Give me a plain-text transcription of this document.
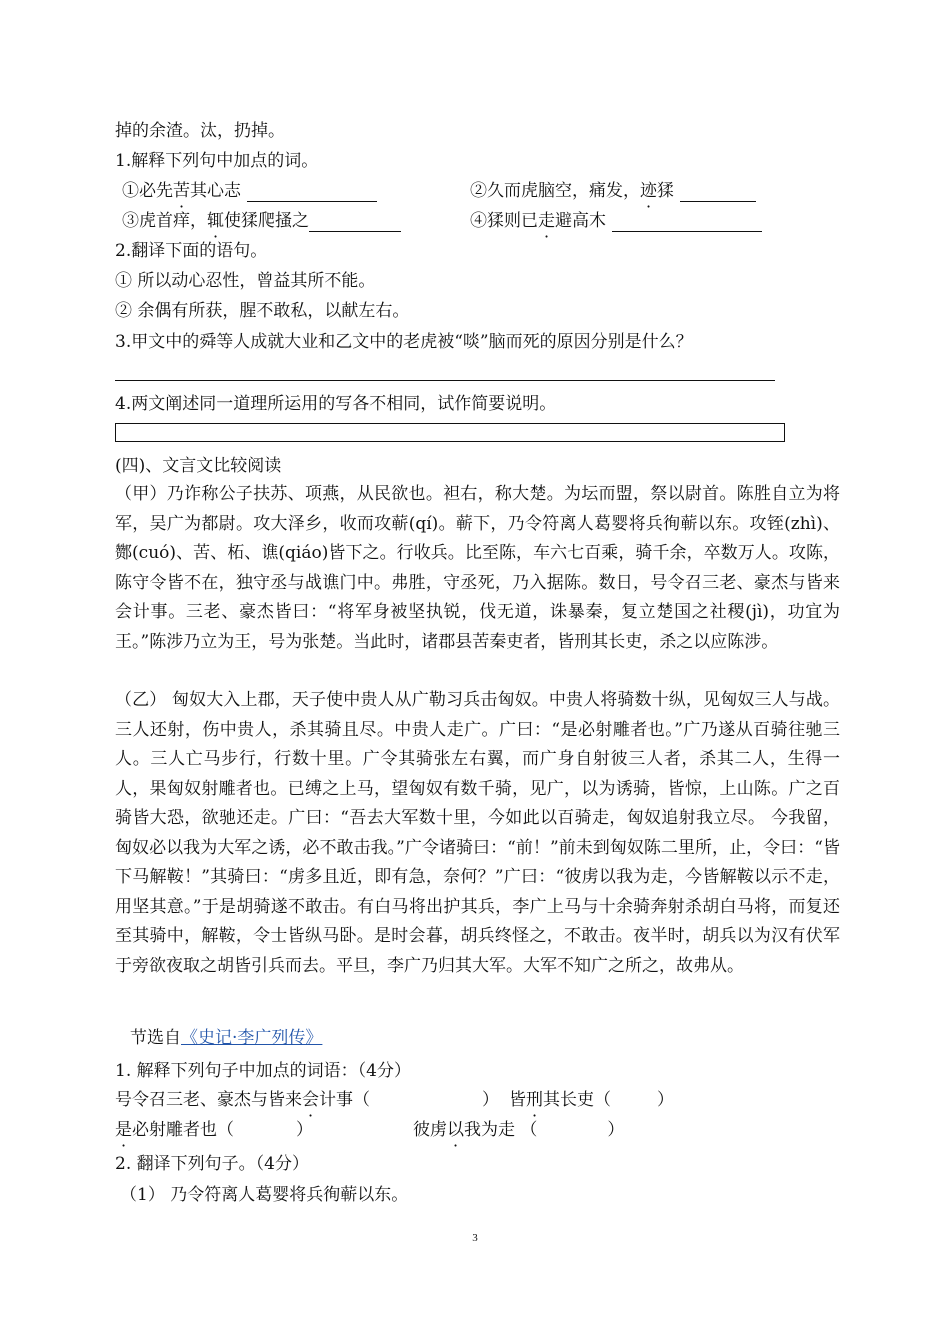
掉的余渣。汰，扔掉。
1.解释下列句中加点的词。
①必先苦其心志	②久而虎脑空，痛发，迹猱
③虎首痒，辄使猱爬搔之	④猱则已走避高木
2.翻译下面的语句。
① 所以动心忍性，曾益其所不能。
② 余偶有所获，腥不敢私，以献左右。
3.甲文中的舜等人成就大业和乙文中的老虎被“啖”脑而死的原因分别是什么？
4.两文阐述同一道理所运用的写各不相同，试作简要说明。
(四)、文言文比较阅读
（甲）乃诈称公子扶苏、项燕，从民欲也。袒右，称大楚。为坛而盟，祭以尉首。陈胜自立为将军，吴广为都尉。攻大泽乡，收而攻蕲(qí)。蕲下，乃令符离人葛婴将兵徇蕲以东。攻铚(zhì)、酂(cuó)、苦、柘、谯(qiáo)皆下之。行收兵。比至陈，车六七百乘，骑千余，卒数万人。攻陈，陈守令皆不在，独守丞与战谯门中。弗胜，守丞死，乃入据陈。数日，号令召三老、豪杰与皆来会计事。三老、豪杰皆曰：“将军身被坚执锐，伐无道，诛暴秦，复立楚国之社稷(jì)，功宜为王。”陈涉乃立为王，号为张楚。当此时，诸郡县苦秦吏者，皆刑其长吏，杀之以应陈涉。
（乙） 匈奴大入上郡，天子使中贵人从广勒习兵击匈奴。中贵人将骑数十纵，见匈奴三人与战。三人还射，伤中贵人，杀其骑且尽。中贵人走广。广曰：“是必射雕者也。”广乃遂从百骑往驰三人。三人亡马步行，行数十里。广令其骑张左右翼，而广身自射彼三人者，杀其二人，生得一人，果匈奴射雕者也。已缚之上马，望匈奴有数千骑，见广，以为诱骑，皆惊，上山陈。广之百骑皆大恐，欲驰还走。广曰：“吾去大军数十里，今如此以百骑走，匈奴追射我立尽。 今我留，匈奴必以我为大军之诱，必不敢击我。”广令诸骑曰：“前！”前未到匈奴陈二里所，止，令曰：“皆下马解鞍！”其骑曰：“虏多且近，即有急，奈何？”广曰：“彼虏以我为走，今皆解鞍以示不走，用坚其意。”于是胡骑遂不敢击。有白马将出护其兵，李广上马与十余骑奔射杀胡白马将，而复还至其骑中，解鞍，令士皆纵马卧。是时会暮，胡兵终怪之，不敢击。夜半时，胡兵以为汉有伏军于旁欲夜取之胡皆引兵而去。平旦，李广乃归其大军。大军不知广之所之，故弗从。
节选自《史记·李广列传》
1. 解释下列句子中加点的词语：（4分）
号令召三老、豪杰与皆来会计事（	） 皆刑其长吏（	）
是必射雕者也（	）	彼虏以我为走 （	）
2. 翻译下列句子。（4分）
（1） 乃令符离人葛婴将兵徇蕲以东。
3
